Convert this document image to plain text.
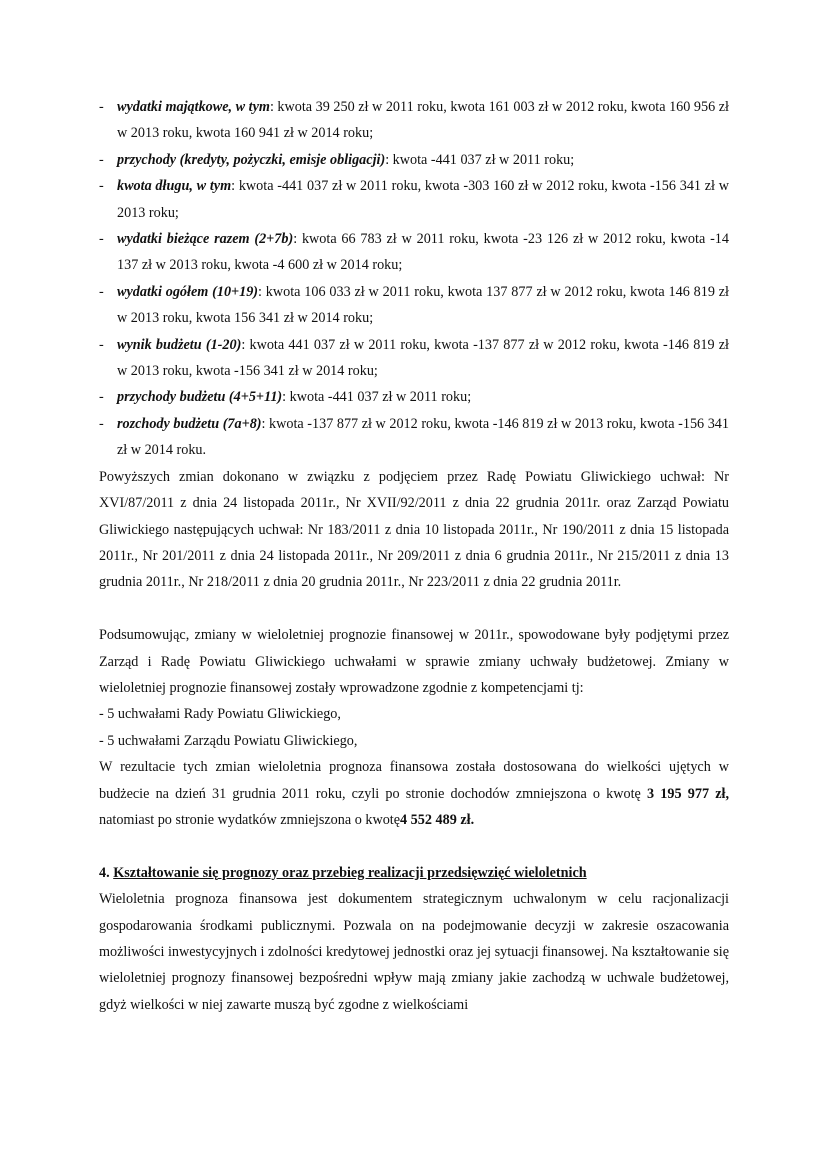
- wydatki majątkowe, w tym: kwota 39 250 zł w 2011 roku, kwota 161 003 zł w 2012 roku, kwota 160 956 zł w 2013 roku, kwota 160 941 zł w 2014 roku;
- przychody (kredyty, pożyczki, emisje obligacji): kwota -441 037 zł w 2011 roku;
- kwota długu, w tym: kwota -441 037 zł w 2011 roku, kwota -303 160 zł w 2012 roku, kwota -156 341 zł w 2013 roku;
- wydatki bieżące razem (2+7b): kwota 66 783 zł w 2011 roku, kwota -23 126 zł w 2012 roku, kwota -14 137 zł w 2013 roku, kwota -4 600 zł w 2014 roku;
- wydatki ogółem (10+19): kwota 106 033 zł w 2011 roku, kwota 137 877 zł w 2012 roku, kwota 146 819 zł w 2013 roku, kwota 156 341 zł w 2014 roku;
- wynik budżetu (1-20): kwota 441 037 zł w 2011 roku, kwota -137 877 zł w 2012 roku, kwota -146 819 zł w 2013 roku, kwota -156 341 zł w 2014 roku;
- przychody budżetu (4+5+11): kwota -441 037 zł w 2011 roku;
- rozchody budżetu (7a+8): kwota -137 877 zł w 2012 roku, kwota -146 819 zł w 2013 roku, kwota -156 341 zł w 2014 roku.

Powyższych zmian dokonano w związku z podjęciem przez Radę Powiatu Gliwickiego uchwał: Nr XVI/87/2011 z dnia 24 listopada 2011r., Nr XVII/92/2011 z dnia 22 grudnia 2011r. oraz Zarząd Powiatu Gliwickiego następujących uchwał: Nr 183/2011 z dnia 10 listopada 2011r., Nr 190/2011 z dnia 15 listopada 2011r., Nr 201/2011 z dnia 24 listopada 2011r., Nr 209/2011 z dnia 6 grudnia 2011r., Nr 215/2011 z dnia 13 grudnia 2011r., Nr 218/2011 z dnia 20 grudnia 2011r., Nr 223/2011 z dnia 22 grudnia 2011r.

Podsumowując, zmiany w wieloletniej prognozie finansowej w 2011r., spowodowane były podjętymi przez Zarząd i Radę Powiatu Gliwickiego uchwałami w sprawie zmiany uchwały budżetowej. Zmiany w wieloletniej prognozie finansowej zostały wprowadzone zgodnie z kompetencjami tj:

- 5 uchwałami Rady Powiatu Gliwickiego,

- 5 uchwałami Zarządu Powiatu Gliwickiego,

W rezultacie tych zmian wieloletnia prognoza finansowa została dostosowana do wielkości ujętych w budżecie na dzień 31 grudnia 2011 roku, czyli po stronie dochodów zmniejszona o kwotę 3 195 977 zł, natomiast po stronie wydatków zmniejszona o kwotę4 552 489 zł.

4. Kształtowanie się prognozy oraz przebieg realizacji przedsięwzięć wieloletnich

Wieloletnia prognoza finansowa jest dokumentem strategicznym uchwalonym w celu racjonalizacji gospodarowania środkami publicznymi. Pozwala on na podejmowanie decyzji w zakresie oszacowania możliwości inwestycyjnych i zdolności kredytowej jednostki oraz jej sytuacji finansowej. Na kształtowanie się wieloletniej prognozy finansowej bezpośredni wpływ mają zmiany jakie zachodzą w uchwale budżetowej, gdyż wielkości w niej zawarte muszą być zgodne z wielkościami
